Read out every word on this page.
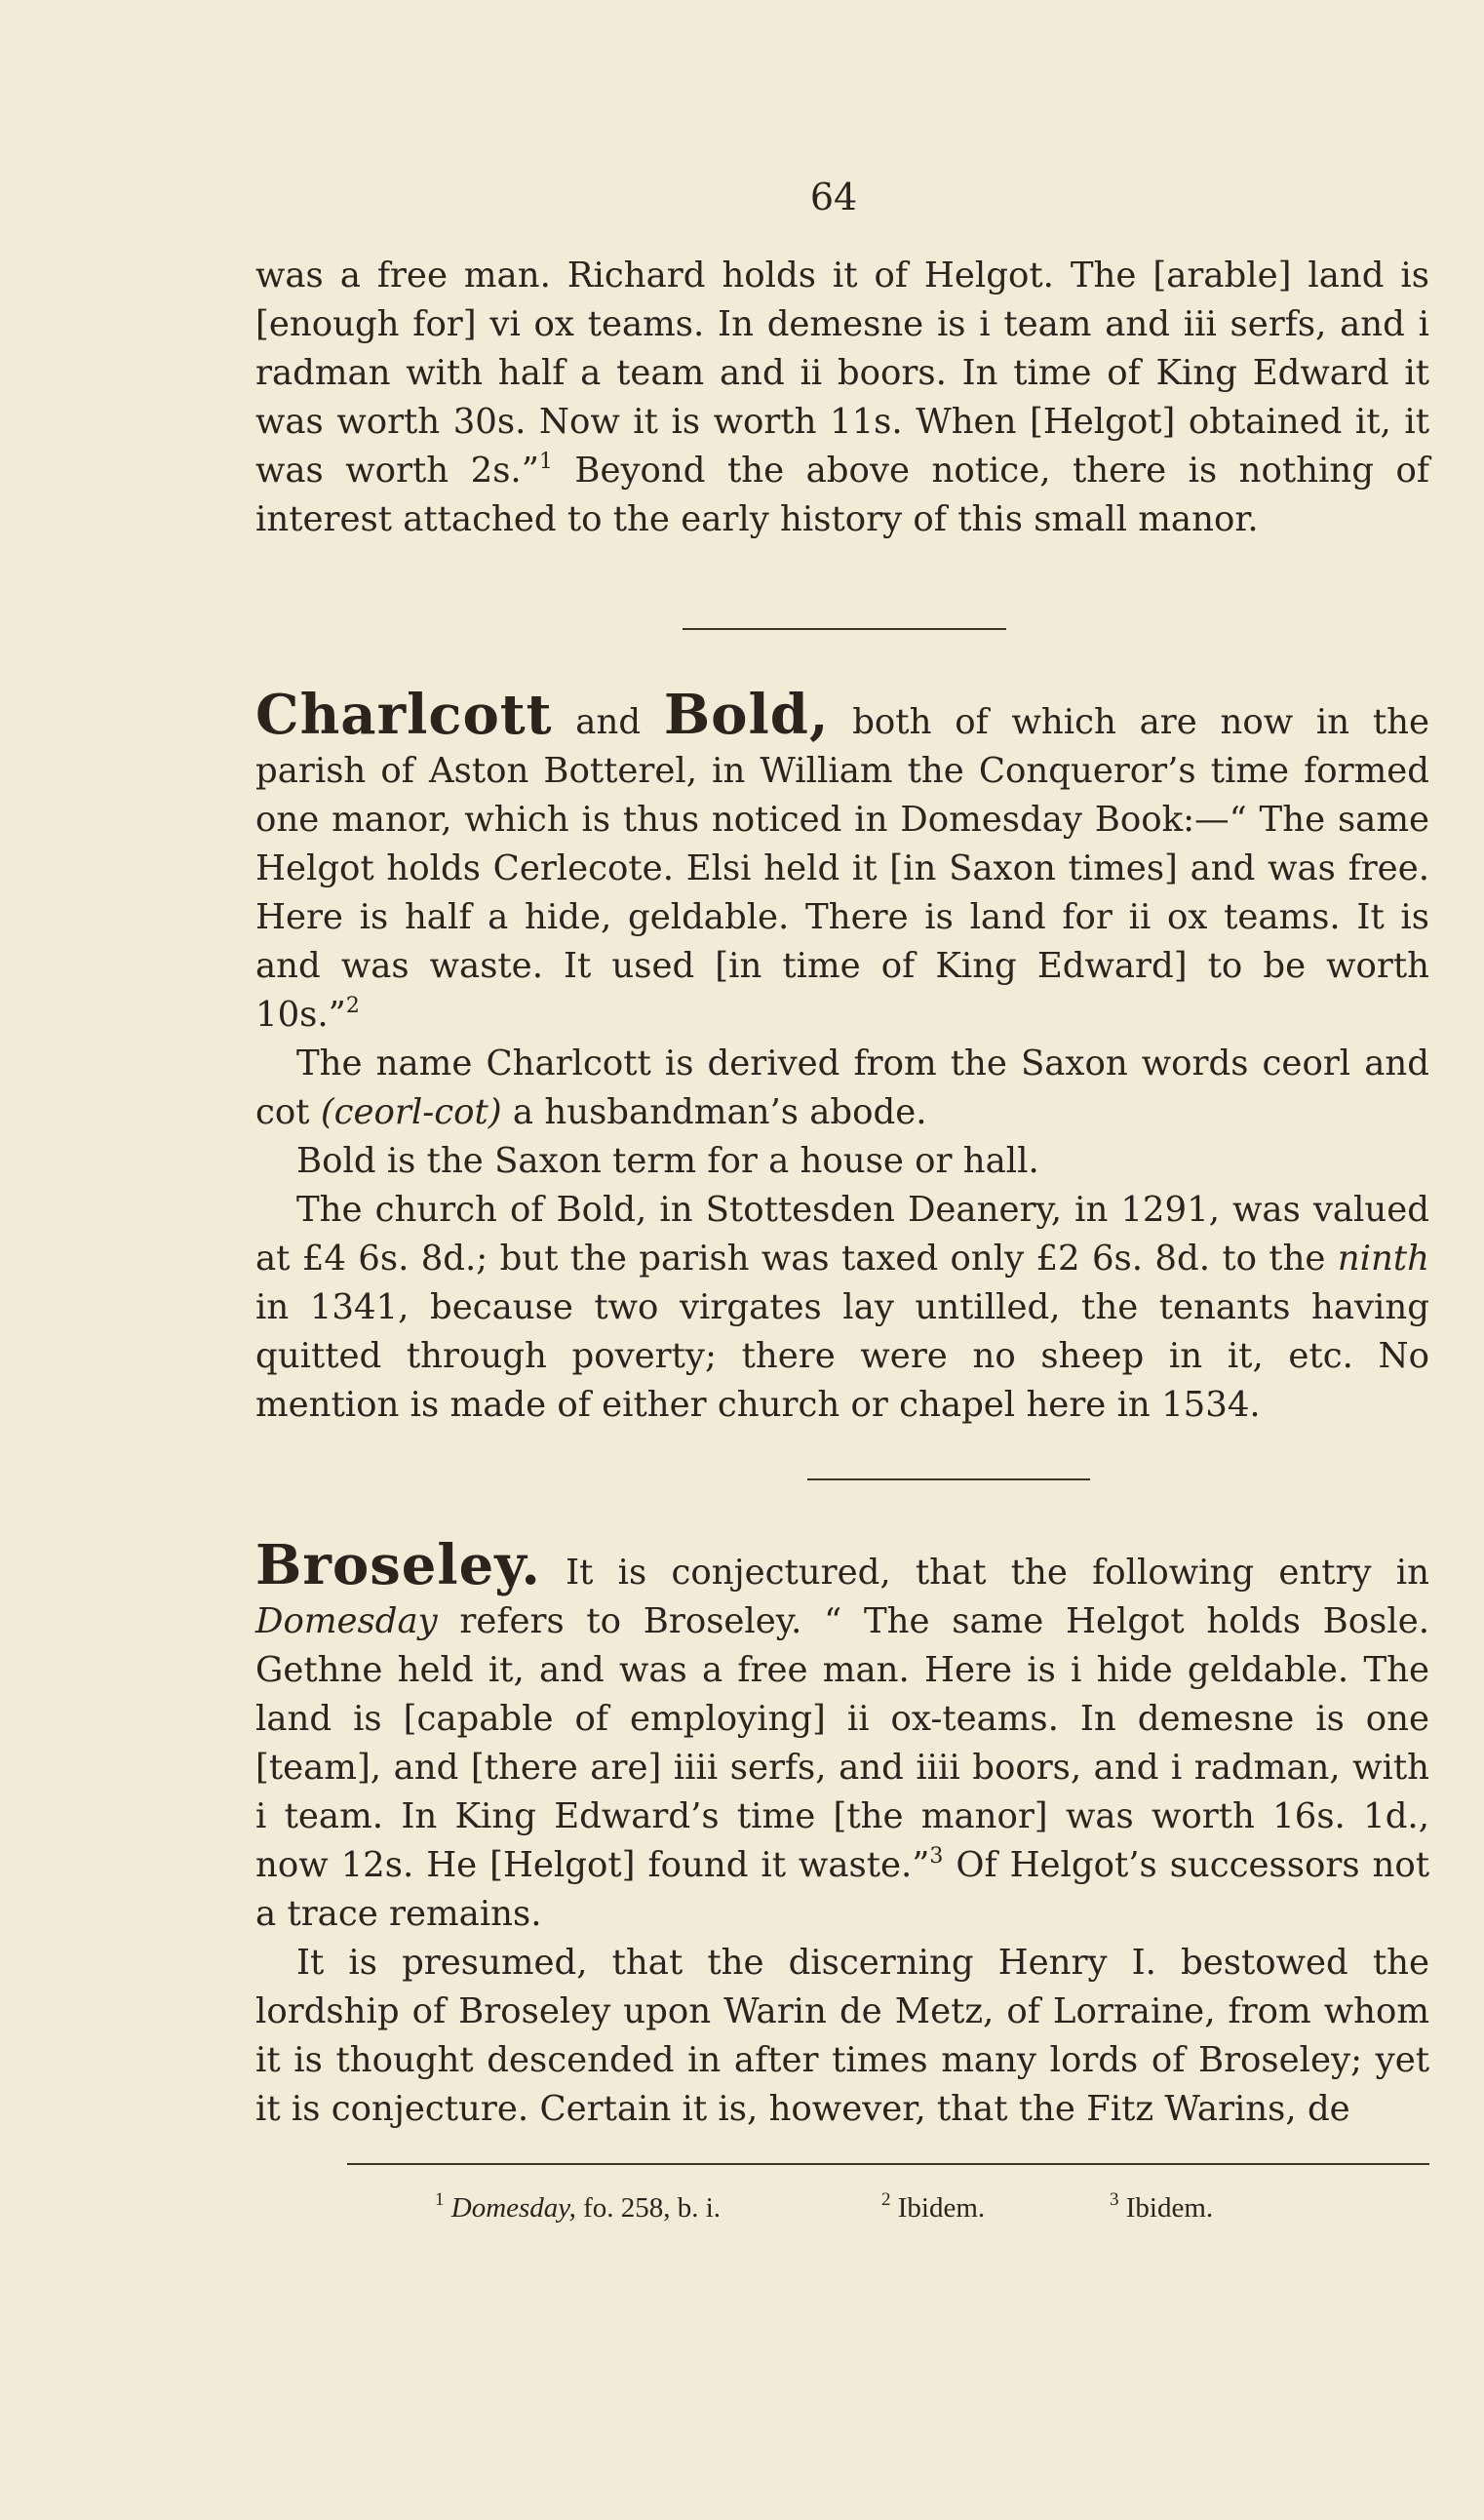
64

was a free man. Richard holds it of Helgot. The [arable] land is [enough for] vi ox teams. In demesne is i team and iii serfs, and i radman with half a team and ii boors. In time of King Edward it was worth 30s. Now it is worth 11s. When [Helgot] obtained it, it was worth 2s.”$^1$ Beyond the above notice, there is nothing of interest attached to the early history of this small manor.

Charlcott and Bold, both of which are now in the parish of Aston Botterel, in William the Conqueror’s time formed one manor, which is thus noticed in Domesday Book:—“ The same Helgot holds Cerlecote. Elsi held it [in Saxon times] and was free. Here is half a hide, geldable. There is land for ii ox teams. It is and was waste. It used [in time of King Edward] to be worth 10s.”$^2$

The name Charlcott is derived from the Saxon words ceorl and cot (ceorl-cot) a husbandman’s abode.

Bold is the Saxon term for a house or hall.

The church of Bold, in Stottesden Deanery, in 1291, was valued at £4 6s. 8d.; but the parish was taxed only £2 6s. 8d. to the ninth in 1341, because two virgates lay untilled, the tenants having quitted through poverty; there were no sheep in it, etc. No mention is made of either church or chapel here in 1534.

Broseley. It is conjectured, that the following entry in Domesday refers to Broseley. “ The same Helgot holds Bosle. Gethne held it, and was a free man. Here is i hide geldable. The land is [capable of employing] ii ox-teams. In demesne is one [team], and [there are] iiii serfs, and iiii boors, and i radman, with i team. In King Edward’s time [the manor] was worth 16s. 1d., now 12s. He [Helgot] found it waste.”$^3$ Of Helgot’s successors not a trace remains.

It is presumed, that the discerning Henry I. bestowed the lordship of Broseley upon Warin de Metz, of Lorraine, from whom it is thought descended in after times many lords of Broseley; yet it is conjecture. Certain it is, however, that the Fitz Warins, de

$^1$ Domesday, fo. 258, b. i.	$^2$ Ibidem.	$^3$ Ibidem.
